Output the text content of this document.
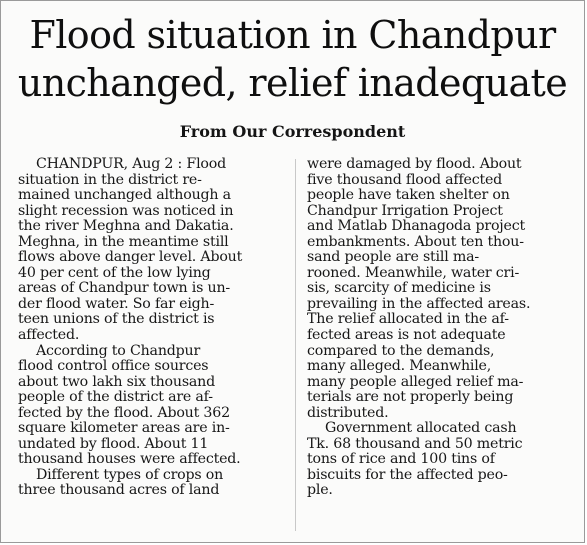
Flood situation in Chandpur
unchanged, relief inadequate
From Our Correspondent
CHANDPUR, Aug 2 : Flood
situation in the district re-
mained unchanged although a
slight recession was noticed in
the river Meghna and Dakatia.
Meghna, in the meantime still
flows above danger level. About
40 per cent of the low lying
areas of Chandpur town is un-
der flood water. So far eigh-
teen unions of the district is
affected.
According to Chandpur
flood control office sources
about two lakh six thousand
people of the district are af-
fected by the flood. About 362
square kilometer areas are in-
undated by flood. About 11
thousand houses were affected.
Different types of crops on
three thousand acres of land
were damaged by flood. About
five thousand flood affected
people have taken shelter on
Chandpur Irrigation Project
and Matlab Dhanagoda project
embankments. About ten thou-
sand people are still ma-
rooned. Meanwhile, water cri-
sis, scarcity of medicine is
prevailing in the affected areas.
The relief allocated in the af-
fected areas is not adequate
compared to the demands,
many alleged. Meanwhile,
many people alleged relief ma-
terials are not properly being
distributed.
Government allocated cash
Tk. 68 thousand and 50 metric
tons of rice and 100 tins of
biscuits for the affected peo-
ple.
